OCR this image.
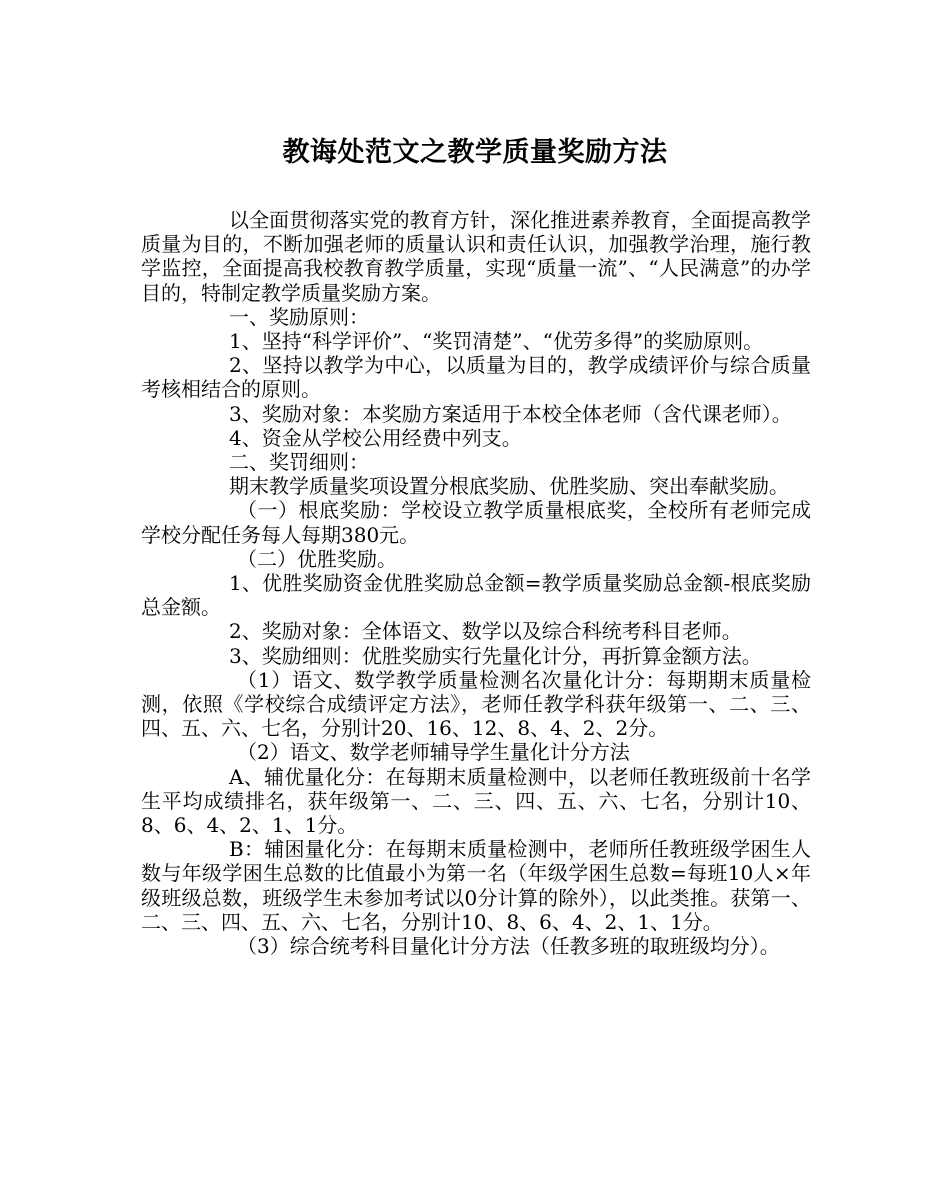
教诲处范文之教学质量奖励方法

以全面贯彻落实党的教育方针，深化推进素养教育，全面提高教学质量为目的，不断加强老师的质量认识和责任认识，加强教学治理，施行教学监控，全面提高我校教育教学质量，实现“质量一流”、“人民满意”的办学目的，特制定教学质量奖励方案。

一、奖励原则：

1、坚持“科学评价”、“奖罚清楚”、“优劳多得”的奖励原则。

2、坚持以教学为中心，以质量为目的，教学成绩评价与综合质量考核相结合的原则。

3、奖励对象：本奖励方案适用于本校全体老师（含代课老师）。

4、资金从学校公用经费中列支。

二、奖罚细则：

期末教学质量奖项设置分根底奖励、优胜奖励、突出奉献奖励。

（一）根底奖励：学校设立教学质量根底奖，全校所有老师完成学校分配任务每人每期380元。

（二）优胜奖励。

1、优胜奖励资金优胜奖励总金额=教学质量奖励总金额-根底奖励总金额。

2、奖励对象：全体语文、数学以及综合科统考科目老师。

3、奖励细则：优胜奖励实行先量化计分，再折算金额方法。

（1）语文、数学教学质量检测名次量化计分：每期期末质量检测，依照《学校综合成绩评定方法》，老师任教学科获年级第一、二、三、四、五、六、七名，分别计20、16、12、8、4、2、2分。

（2）语文、数学老师辅导学生量化计分方法

A、辅优量化分：在每期末质量检测中，以老师任教班级前十名学生平均成绩排名，获年级第一、二、三、四、五、六、七名，分别计10、8、6、4、2、1、1分。

B：辅困量化分：在每期末质量检测中，老师所任教班级学困生人数与年级学困生总数的比值最小为第一名（年级学困生总数=每班10人×年级班级总数，班级学生未参加考试以0分计算的除外），以此类推。获第一、二、三、四、五、六、七名，分别计10、8、6、4、2、1、1分。

（3）综合统考科目量化计分方法（任教多班的取班级均分）。
